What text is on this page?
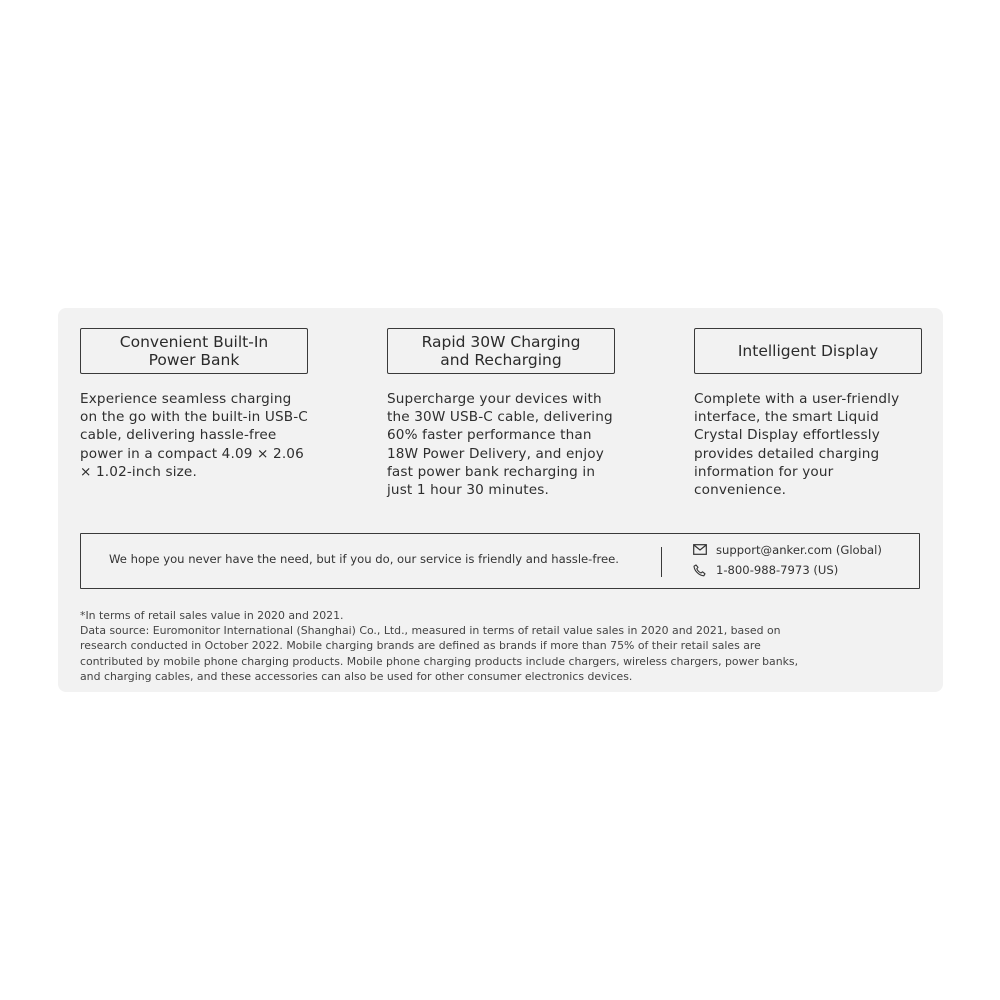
Convenient Built-In
Power Bank
Experience seamless charging
on the go with the built-in USB-C
cable, delivering hassle-free
power in a compact 4.09 × 2.06
× 1.02-inch size.
Rapid 30W Charging
and Recharging
Supercharge your devices with
the 30W USB-C cable, delivering
60% faster performance than
18W Power Delivery, and enjoy
fast power bank recharging in
just 1 hour 30 minutes.
Intelligent Display
Complete with a user-friendly
interface, the smart Liquid
Crystal Display effortlessly
provides detailed charging
information for your
convenience.
We hope you never have the need, but if you do, our service is friendly and hassle-free.
support@anker.com (Global)
1-800-988-7973 (US)
*In terms of retail sales value in 2020 and 2021.
Data source: Euromonitor International (Shanghai) Co., Ltd., measured in terms of retail value sales in 2020 and 2021, based on
research conducted in October 2022. Mobile charging brands are defined as brands if more than 75% of their retail sales are
contributed by mobile phone charging products. Mobile phone charging products include chargers, wireless chargers, power banks,
and charging cables, and these accessories can also be used for other consumer electronics devices.
